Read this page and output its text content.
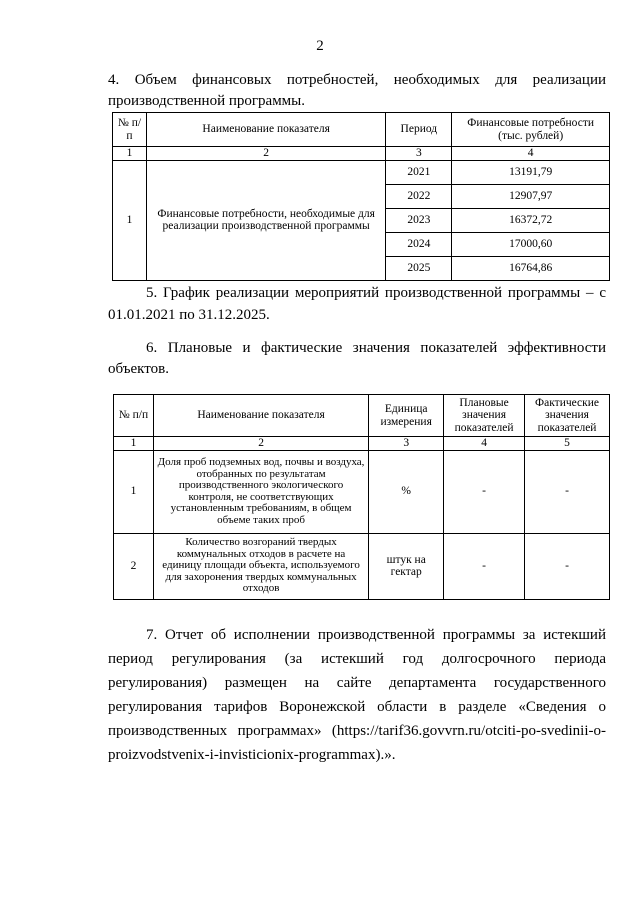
2

4. Объем финансовых потребностей, необходимых для реализации

производственной программы.

№ п/п	Наименование показателя	Период	Финансовые потребности (тыс. рублей)
1	2	3	4
1	Финансовые потребности, необходимые для реализации производственной программы	2021	13191,79
		2022	12907,97
		2023	16372,72
		2024	17000,60
		2025	16764,86

5. График реализации мероприятий производственной программы – с

01.01.2021 по 31.12.2025.

6. Плановые и фактические значения показателей эффективности

объектов.

№ п/п	Наименование показателя	Единица измерения	Плановые значения показателей	Фактические значения показателей
1	2	3	4	5
1	Доля проб подземных вод, почвы и воздуха, отобранных по результатам производственного экологического контроля, не соответствующих установленным требованиям, в общем объеме таких проб	%	-	-
2	Количество возгораний твердых коммунальных отходов в расчете на единицу площади объекта, используемого для захоронения твердых коммунальных отходов	штук на гектар	-	-

7. Отчет об исполнении производственной программы за истекший

период регулирования (за истекший год долгосрочного периода

регулирования) размещен на сайте департамента государственного

регулирования тарифов Воронежской области в разделе «Сведения о

производственных программах» (https://tarif36.govvrn.ru/otciti-po-svedinii-o-

proizvodstvenix-i-invisticionix-programmax).».
